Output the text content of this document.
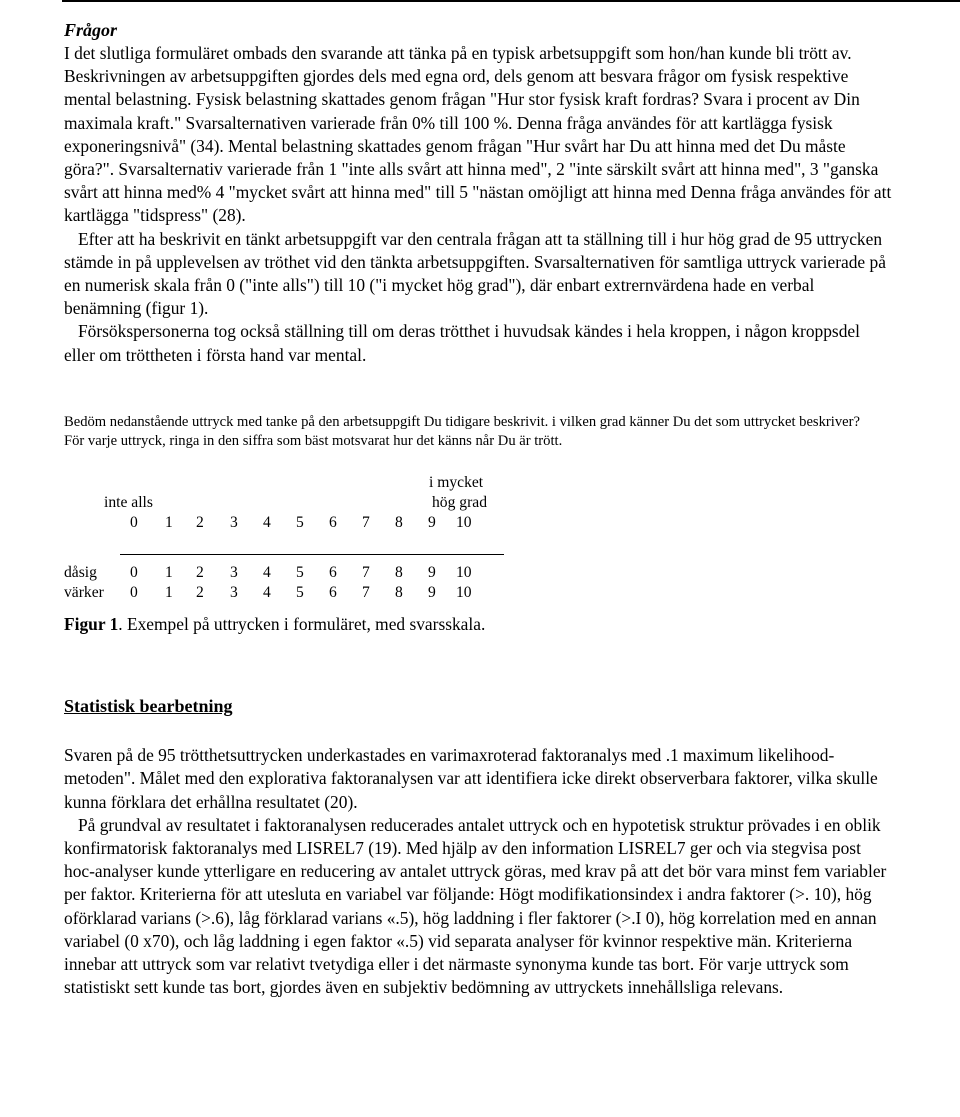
Frågor

I det slutliga formuläret ombads den svarande att tänka på en typisk arbetsuppgift som hon/han kunde bli trött av. Beskrivningen av arbetsuppgiften gjordes dels med egna ord, dels genom att besvara frågor om fysisk respektive mental belastning. Fysisk belastning skattades genom frågan "Hur stor fysisk kraft fordras? Svara i procent av Din maximala kraft." Svarsalternativen varierade från 0% till 100 %. Denna fråga användes för att kartlägga fysisk exponeringsnivå" (34). Mental belastning skattades genom frågan "Hur svårt har Du att hinna med det Du måste göra?". Svarsalternativ varierade från 1 "inte alls svårt att hinna med", 2 "inte särskilt svårt att hinna med", 3 "ganska svårt att hinna med% 4 "mycket svårt att hinna med" till 5 "nästan omöjligt att hinna med Denna fråga användes för att kartlägga "tidspress" (28).

Efter att ha beskrivit en tänkt arbetsuppgift var den centrala frågan att ta ställning till i hur hög grad de 95 uttrycken stämde in på upplevelsen av tröthet vid den tänkta arbetsuppgiften. Svarsalternativen för samtliga uttryck varierade på en numerisk skala från 0 ("inte alls") till 10 ("i mycket hög grad"), där enbart extrernvärdena hade en verbal benämning (figur 1).

Försökspersonerna tog också ställning till om deras trötthet i huvudsak kändes i hela kroppen, i någon kroppsdel eller om tröttheten i första hand var mental.

Bedöm nedanstående uttryck med tanke på den arbetsuppgift Du tidigare beskrivit. i vilken grad känner Du det som uttrycket beskriver?

För varje uttryck, ringa in den siffra som bäst motsvarat hur det känns når Du är trött.

i mycket
hög grad
inte alls
0 1 2 3 4 5 6 7 8 9 10
dåsig 0 1 2 3 4 5 6 7 8 9 10
värker 0 1 2 3 4 5 6 7 8 9 10
Figur 1. Exempel på uttrycken i formuläret, med svarsskala.
Statistisk bearbetning

Svaren på de 95 trötthetsuttrycken underkastades en varimaxroterad faktoranalys med .1 maximum likelihood-metoden". Målet med den explorativa faktoranalysen var att identifiera icke direkt observerbara faktorer, vilka skulle kunna förklara det erhållna resultatet (20).

På grundval av resultatet i faktoranalysen reducerades antalet uttryck och en hypotetisk struktur prövades i en oblik konfirmatorisk faktoranalys med LISREL7 (19). Med hjälp av den information LISREL7 ger och via stegvisa post hoc-analyser kunde ytterligare en reducering av antalet uttryck göras, med krav på att det bör vara minst fem variabler per faktor. Kriterierna för att utesluta en variabel var följande: Högt modifikationsindex i andra faktorer (>. 10), hög oförklarad varians (>.6), låg förklarad varians «.5), hög laddning i fler faktorer (>.I 0), hög korrelation med en annan variabel (0 x70), och låg laddning i egen faktor «.5) vid separata analyser för kvinnor respektive män. Kriterierna innebar att uttryck som var relativt tvetydiga eller i det närmaste synonyma kunde tas bort. För varje uttryck som statistiskt sett kunde tas bort, gjordes även en subjektiv bedömning av uttryckets innehållsliga relevans.
